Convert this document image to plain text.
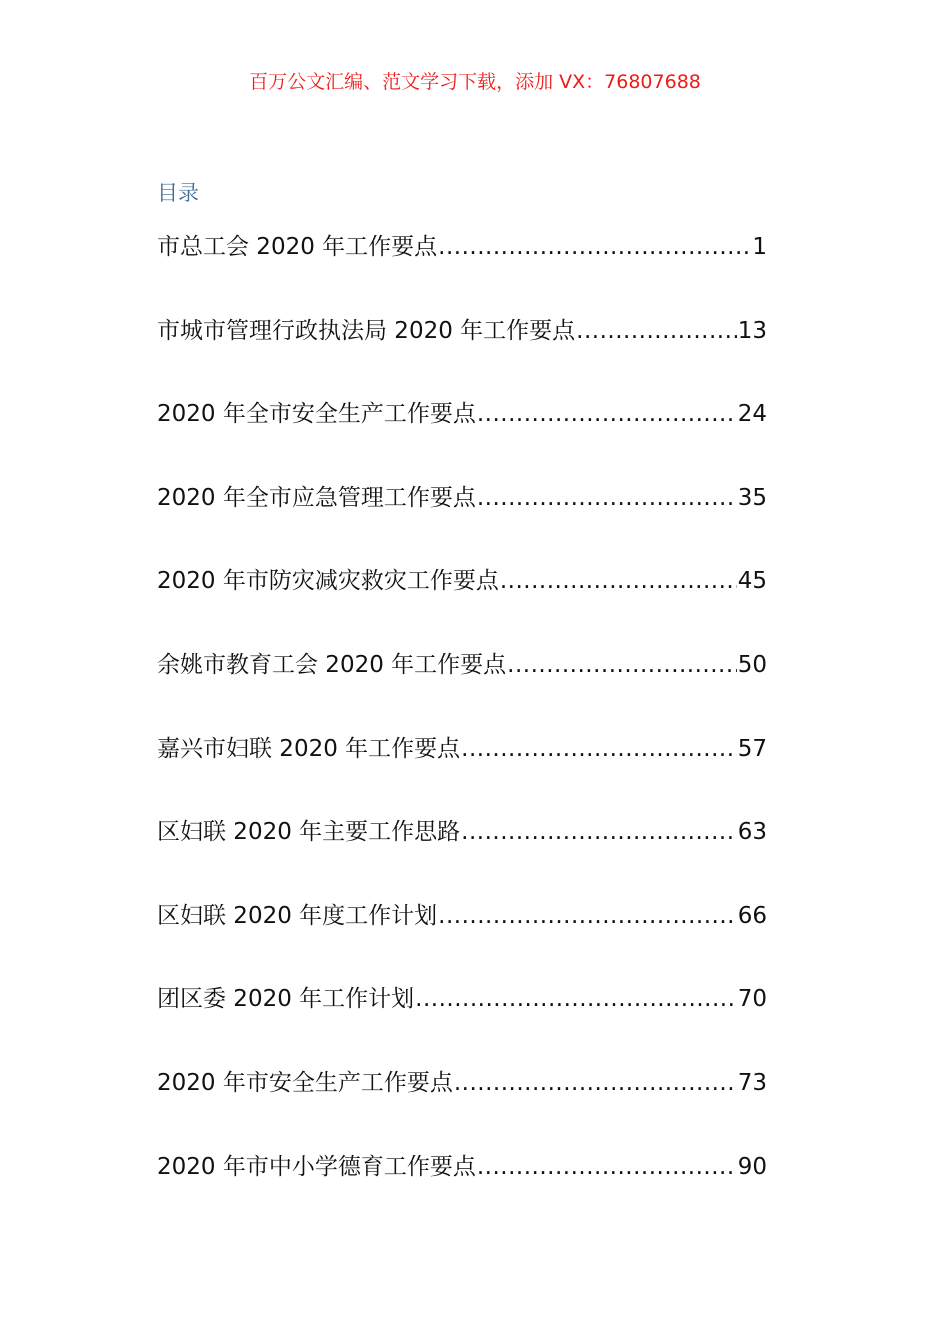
百万公文汇编、范文学习下载，添加 VX：76807688
目录
市总工会 2020 年工作要点 .....	1
市城市管理行政执法局 2020 年工作要点 .....	13
2020 年全市安全生产工作要点 .....	24
2020 年全市应急管理工作要点 .....	35
2020 年市防灾减灾救灾工作要点 .....	45
余姚市教育工会 2020 年工作要点 .....	50
嘉兴市妇联 2020 年工作要点 .....	57
区妇联 2020 年主要工作思路 .....	63
区妇联 2020 年度工作计划 .....	66
团区委 2020 年工作计划 .....	70
2020 年市安全生产工作要点 .....	73
2020 年市中小学德育工作要点 .....	90
